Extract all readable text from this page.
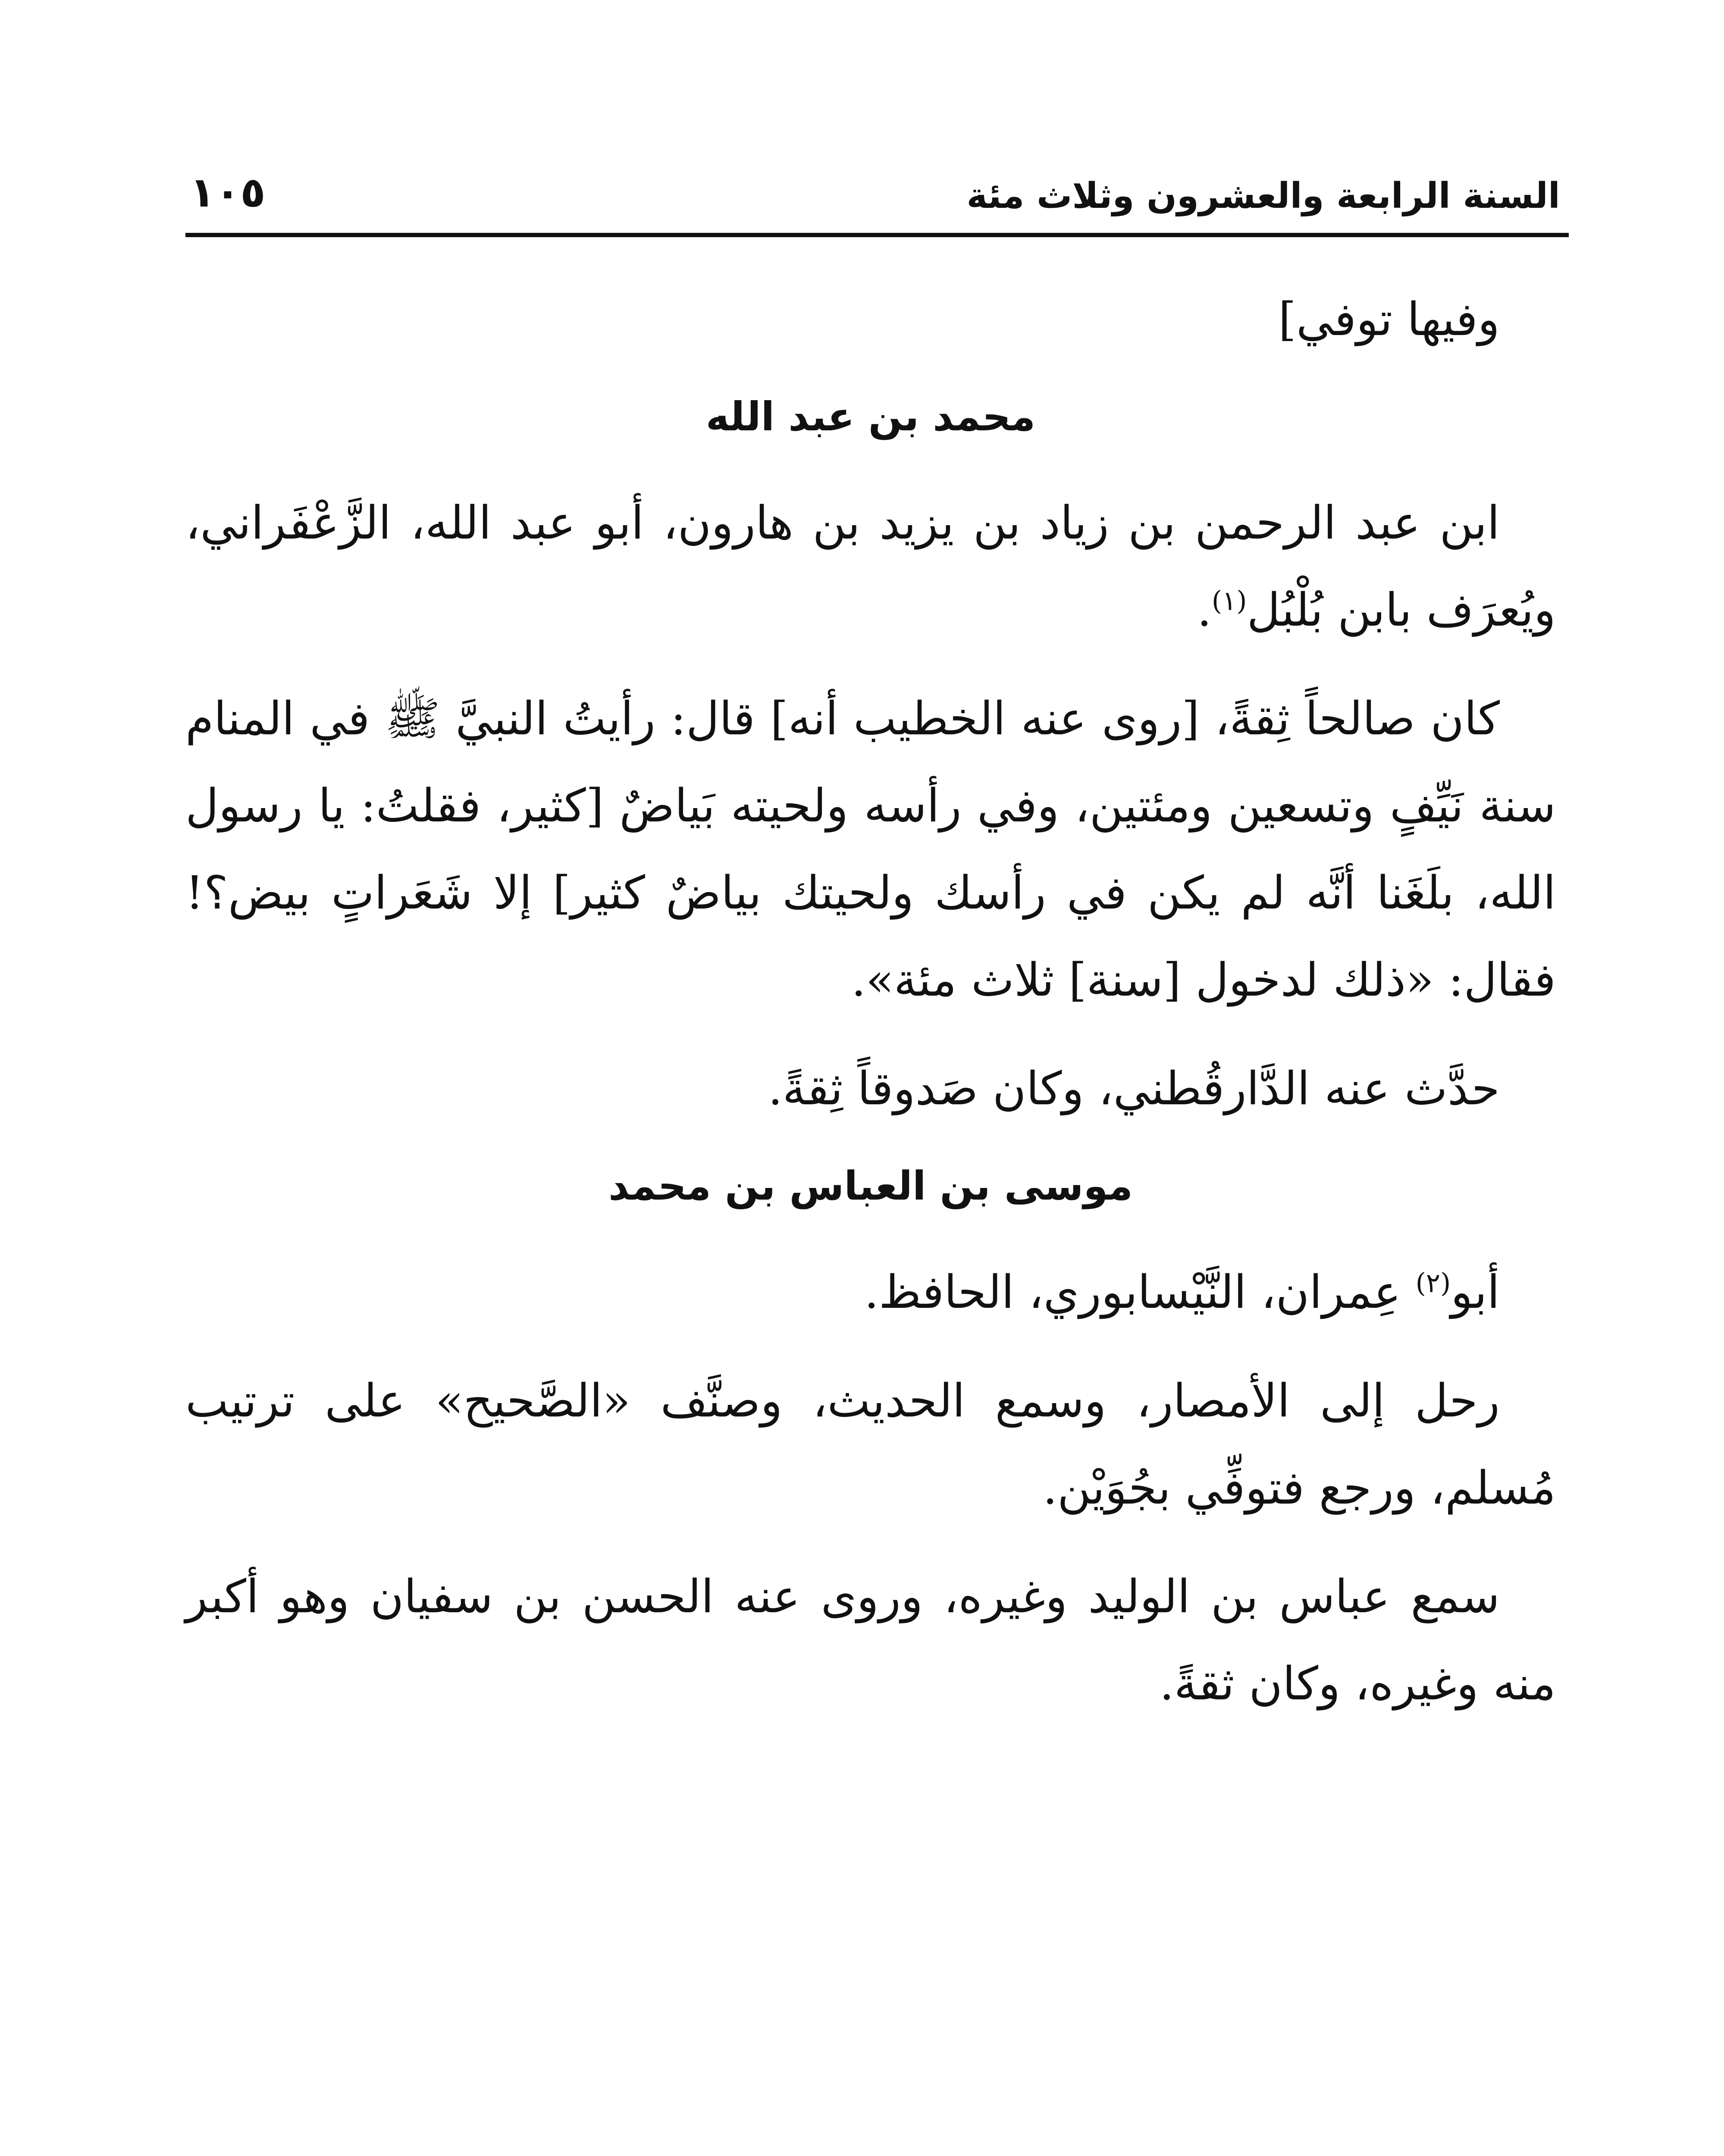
السنة الرابعة والعشرون وثلاث مئة
١٠٥

وفيها توفي]

محمد بن عبد الله

ابن عبد الرحمن بن زياد بن يزيد بن هارون، أبو عبد الله، الزَّعْفَراني، ويُعرَف بابن بُلْبُل$^{(١)}$.

كان صالحاً ثِقةً، [روى عنه الخطيب أنه] قال: رأيتُ النبيَّ ﷺ في المنام سنة نَيِّفٍ وتسعين ومئتين، وفي رأسه ولحيته بَياضٌ [كثير، فقلتُ: يا رسول الله، بلَغَنا أنَّه لم يكن في رأسك ولحيتك بياضٌ كثير] إلا شَعَراتٍ بيض؟! فقال: «ذلك لدخول [سنة] ثلاث مئة».

حدَّث عنه الدَّارقُطني، وكان صَدوقاً ثِقةً.

موسى بن العباس بن محمد

أبو$^{(٢)}$ عِمران، النَّيْسابوري، الحافظ.

رحل إلى الأمصار، وسمع الحديث، وصنَّف «الصَّحيح» على ترتيب مُسلم، ورجع فتوفِّي بجُوَيْن.

سمع عباس بن الوليد وغيره، وروى عنه الحسن بن سفيان وهو أكبر منه وغيره، وكان ثقةً.
